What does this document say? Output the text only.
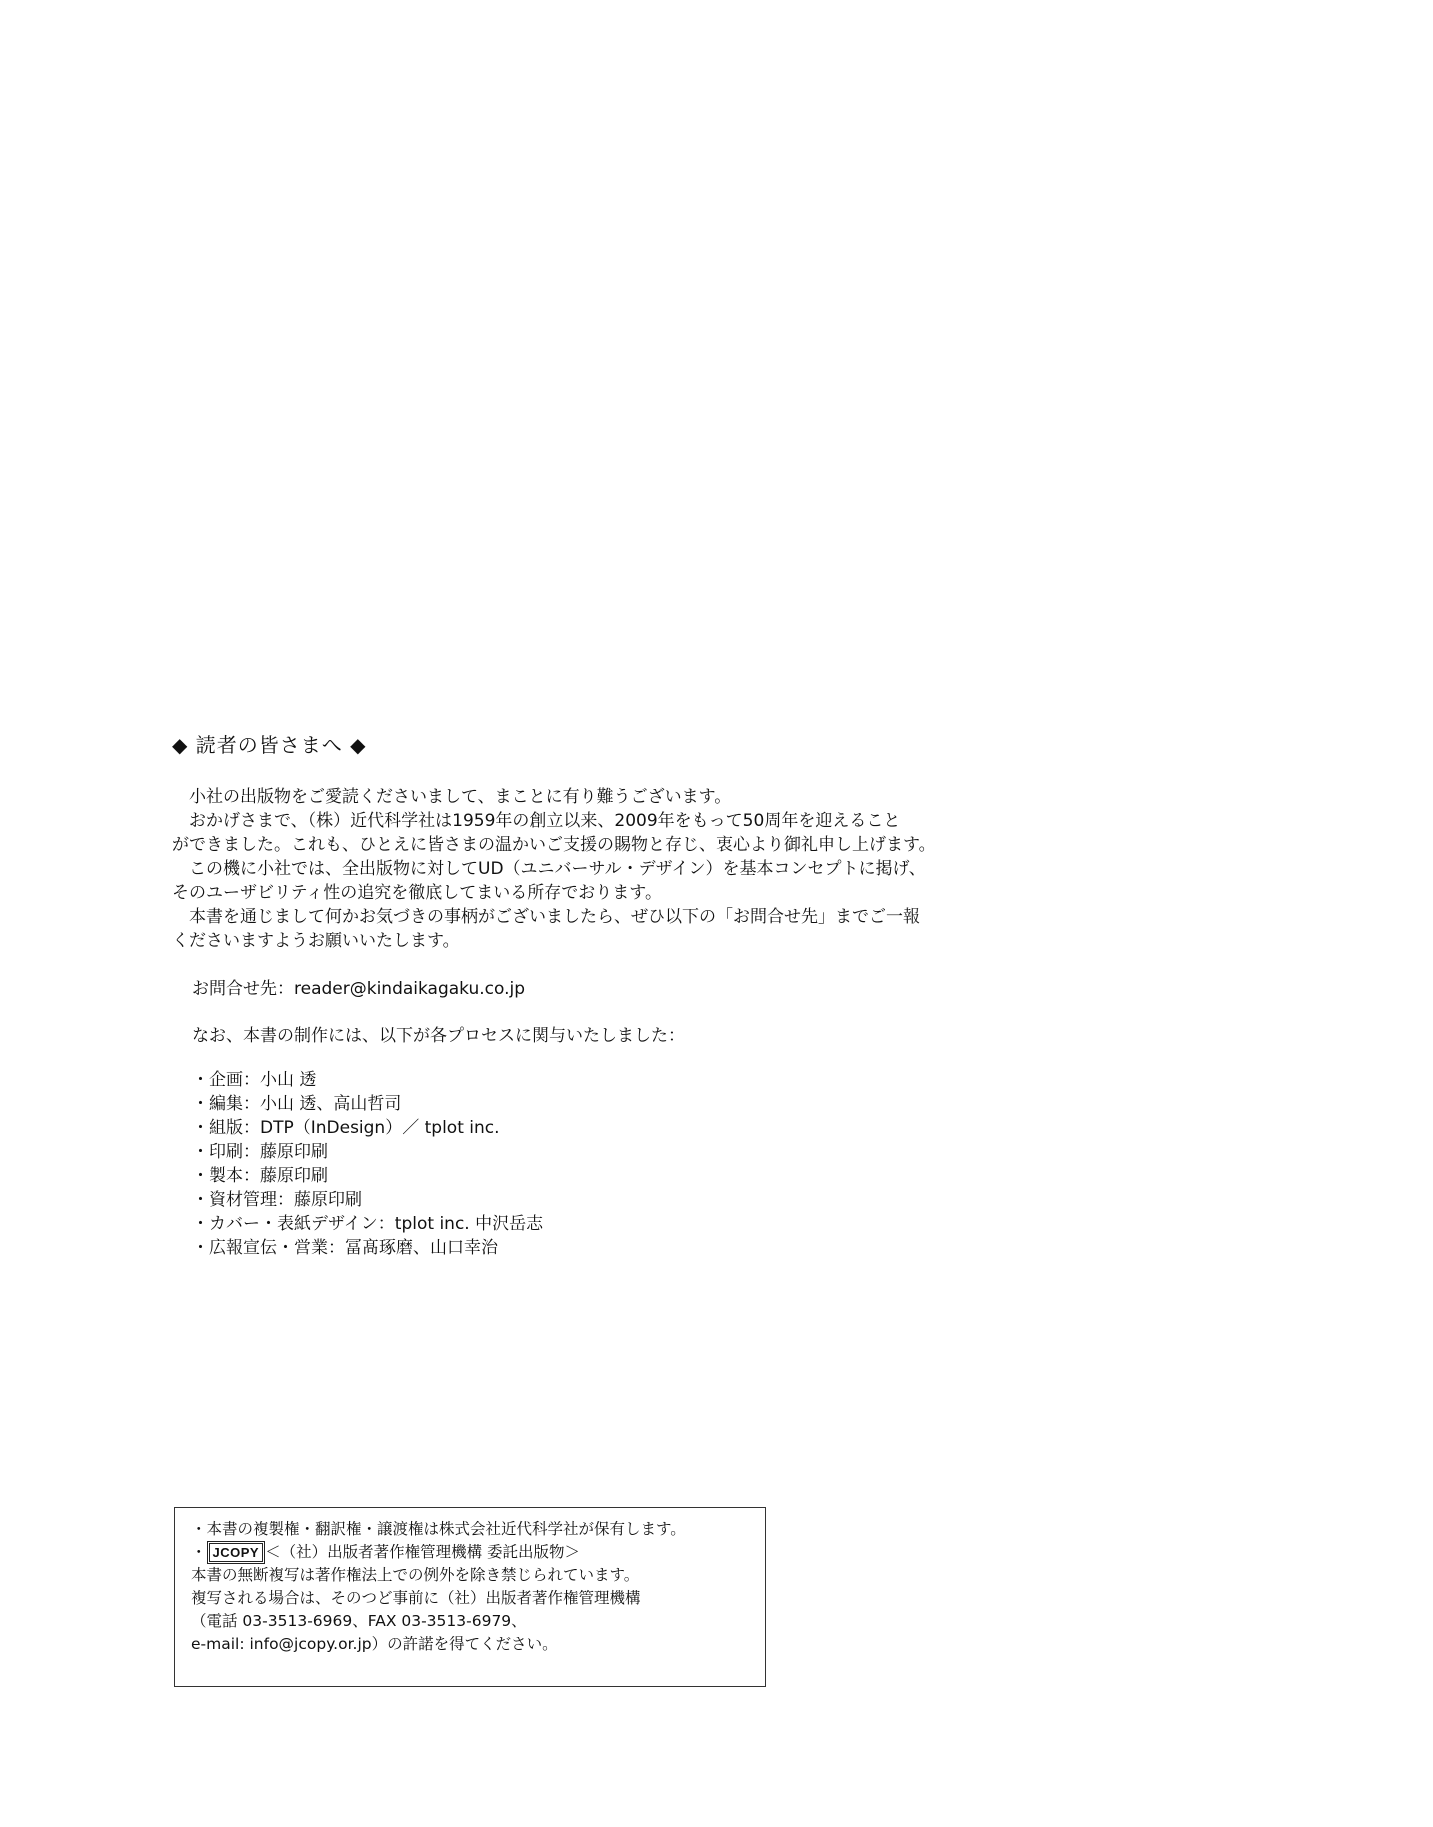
◆ 読者の皆さまへ ◆
小社の出版物をご愛読くださいまして、まことに有り難うございます。
おかげさまで、（株）近代科学社は1959年の創立以来、2009年をもって50周年を迎えること
ができました。これも、ひとえに皆さまの温かいご支援の賜物と存じ、衷心より御礼申し上げます。
この機に小社では、全出版物に対してUD（ユニバーサル・デザイン）を基本コンセプトに掲げ、
そのユーザビリティ性の追究を徹底してまいる所存でおります。
本書を通じまして何かお気づきの事柄がございましたら、ぜひ以下の「お問合せ先」までご一報
くださいますようお願いいたします。
お問合せ先：reader@kindaikagaku.co.jp
なお、本書の制作には、以下が各プロセスに関与いたしました：
・企画：小山 透
・編集：小山 透、高山哲司
・組版：DTP（InDesign）／ tplot inc.
・印刷：藤原印刷
・製本：藤原印刷
・資材管理：藤原印刷
・カバー・表紙デザイン：tplot inc. 中沢岳志
・広報宣伝・営業：冨髙琢磨、山口幸治
・本書の複製権・翻訳権・譲渡権は株式会社近代科学社が保有します。
・ JCOPY ＜（社）出版者著作権管理機構 委託出版物＞
本書の無断複写は著作権法上での例外を除き禁じられています。
複写される場合は、そのつど事前に（社）出版者著作権管理機構
（電話 03-3513-6969、FAX 03-3513-6979、
e-mail: info@jcopy.or.jp）の許諾を得てください。
